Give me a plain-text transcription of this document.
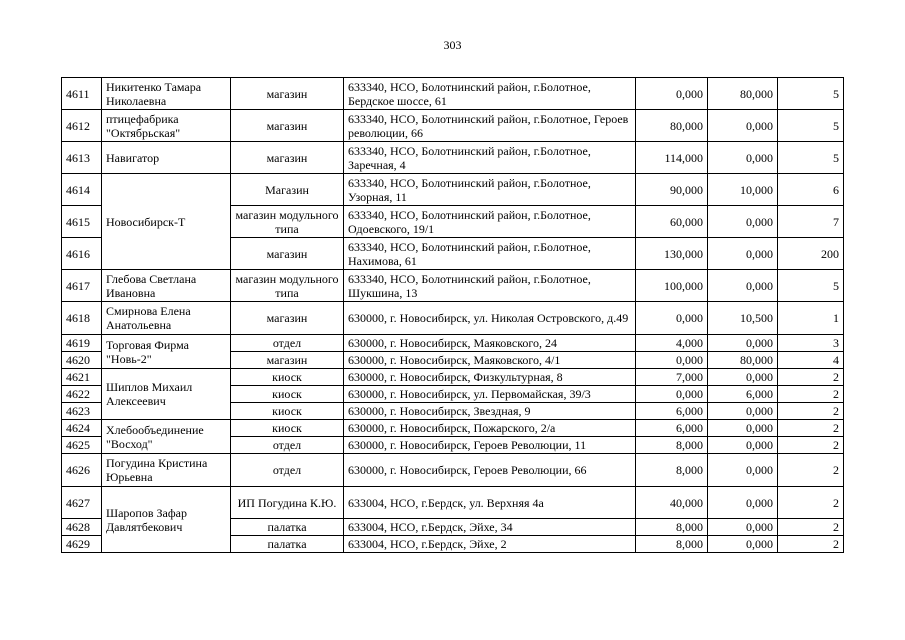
303
4611	Никитенко Тамара Николаевна	магазин	633340, НСО, Болотнинский район, г.Болотное, Бердское шоссе, 61	0,000	80,000	5
4612	птицефабрика "Октябрьская"	магазин	633340, НСО, Болотнинский район, г.Болотное, Героев революции, 66	80,000	0,000	5
4613	Навигатор	магазин	633340, НСО, Болотнинский район, г.Болотное, Заречная, 4	114,000	0,000	5
4614	Новосибирск-Т	Магазин	633340, НСО, Болотнинский район, г.Болотное, Узорная, 11	90,000	10,000	6
4615		магазин модульного типа	633340, НСО, Болотнинский район, г.Болотное, Одоевского, 19/1	60,000	0,000	7
4616		магазин	633340, НСО, Болотнинский район, г.Болотное, Нахимова, 61	130,000	0,000	200
4617	Глебова Светлана Ивановна	магазин модульного типа	633340, НСО, Болотнинский район, г.Болотное, Шукшина, 13	100,000	0,000	5
4618	Смирнова Елена Анатольевна	магазин	630000, г. Новосибирск, ул. Николая Островского, д.49	0,000	10,500	1
4619	Торговая Фирма "Новь-2"	отдел	630000, г. Новосибирск, Маяковского, 24	4,000	0,000	3
4620		магазин	630000, г. Новосибирск, Маяковского, 4/1	0,000	80,000	4
4621	Шиплов Михаил Алексеевич	киоск	630000, г. Новосибирск, Физкультурная, 8	7,000	0,000	2
4622		киоск	630000, г. Новосибирск, ул. Первомайская, 39/3	0,000	6,000	2
4623		киоск	630000, г. Новосибирск, Звездная, 9	6,000	0,000	2
4624	Хлебообъединение "Восход"	киоск	630000, г. Новосибирск, Пожарского, 2/а	6,000	0,000	2
4625		отдел	630000, г. Новосибирск, Героев Революции, 11	8,000	0,000	2
4626	Погудина Кристина Юрьевна	отдел	630000, г. Новосибирск, Героев Революции, 66	8,000	0,000	2
4627	Шаропов Зафар Давлятбекович	ИП Погудина К.Ю.	633004, НСО, г.Бердск, ул. Верхняя 4а	40,000	0,000	2
4628		палатка	633004, НСО, г.Бердск, Эйхе, 34	8,000	0,000	2
4629		палатка	633004, НСО, г.Бердск, Эйхе, 2	8,000	0,000	2
